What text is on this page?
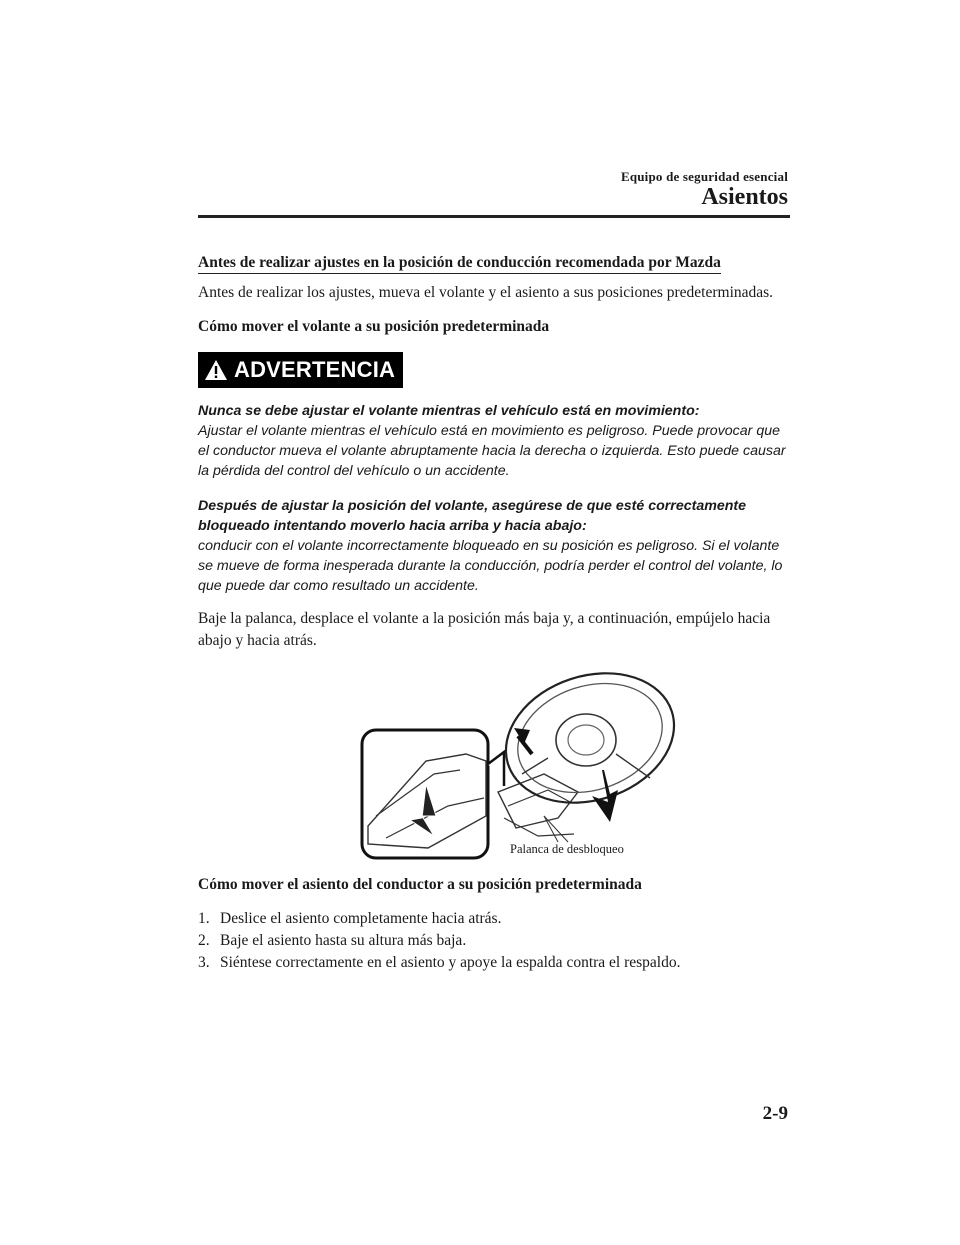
Equipo de seguridad esencial
Asientos
Antes de realizar ajustes en la posición de conducción recomendada por Mazda

Antes de realizar los ajustes, mueva el volante y el asiento a sus posiciones predeterminadas.

Cómo mover el volante a su posición predeterminada

ADVERTENCIA

Nunca se debe ajustar el volante mientras el vehículo está en movimiento:

Ajustar el volante mientras el vehículo está en movimiento es peligroso. Puede provocar que el conductor mueva el volante abruptamente hacia la derecha o izquierda. Esto puede causar la pérdida del control del vehículo o un accidente.

Después de ajustar la posición del volante, asegúrese de que esté correctamente bloqueado intentando moverlo hacia arriba y hacia abajo:

conducir con el volante incorrectamente bloqueado en su posición es peligroso. Si el volante se mueve de forma inesperada durante la conducción, podría perder el control del volante, lo que puede dar como resultado un accidente.

Baje la palanca, desplace el volante a la posición más baja y, a continuación, empújelo hacia abajo y hacia atrás.

Palanca de desbloqueo

Cómo mover el asiento del conductor a su posición predeterminada

1. Deslice el asiento completamente hacia atrás.
2. Baje el asiento hasta su altura más baja.
3. Siéntese correctamente en el asiento y apoye la espalda contra el respaldo.
2-9
